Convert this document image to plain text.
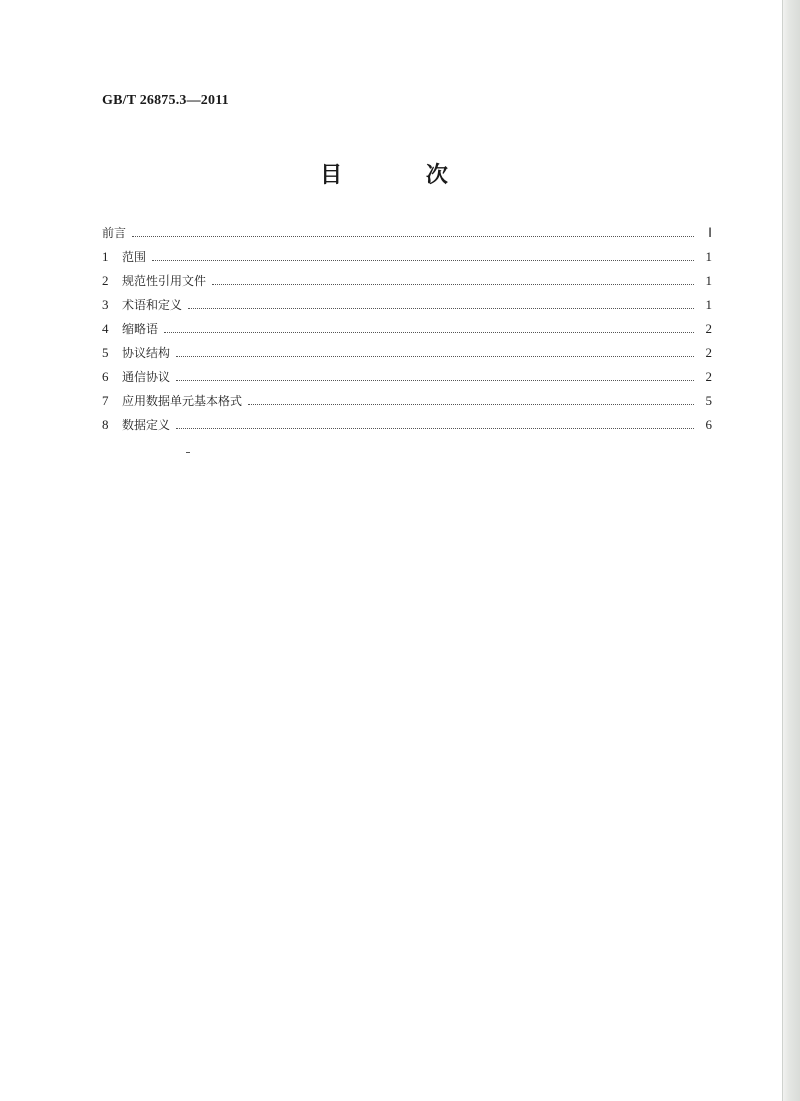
GB/T 26875.3—2011
目 次
前言	Ⅰ
1	范围	1
2	规范性引用文件	1
3	术语和定义	1
4	缩略语	2
5	协议结构	2
6	通信协议	2
7	应用数据单元基本格式	5
8	数据定义	6
